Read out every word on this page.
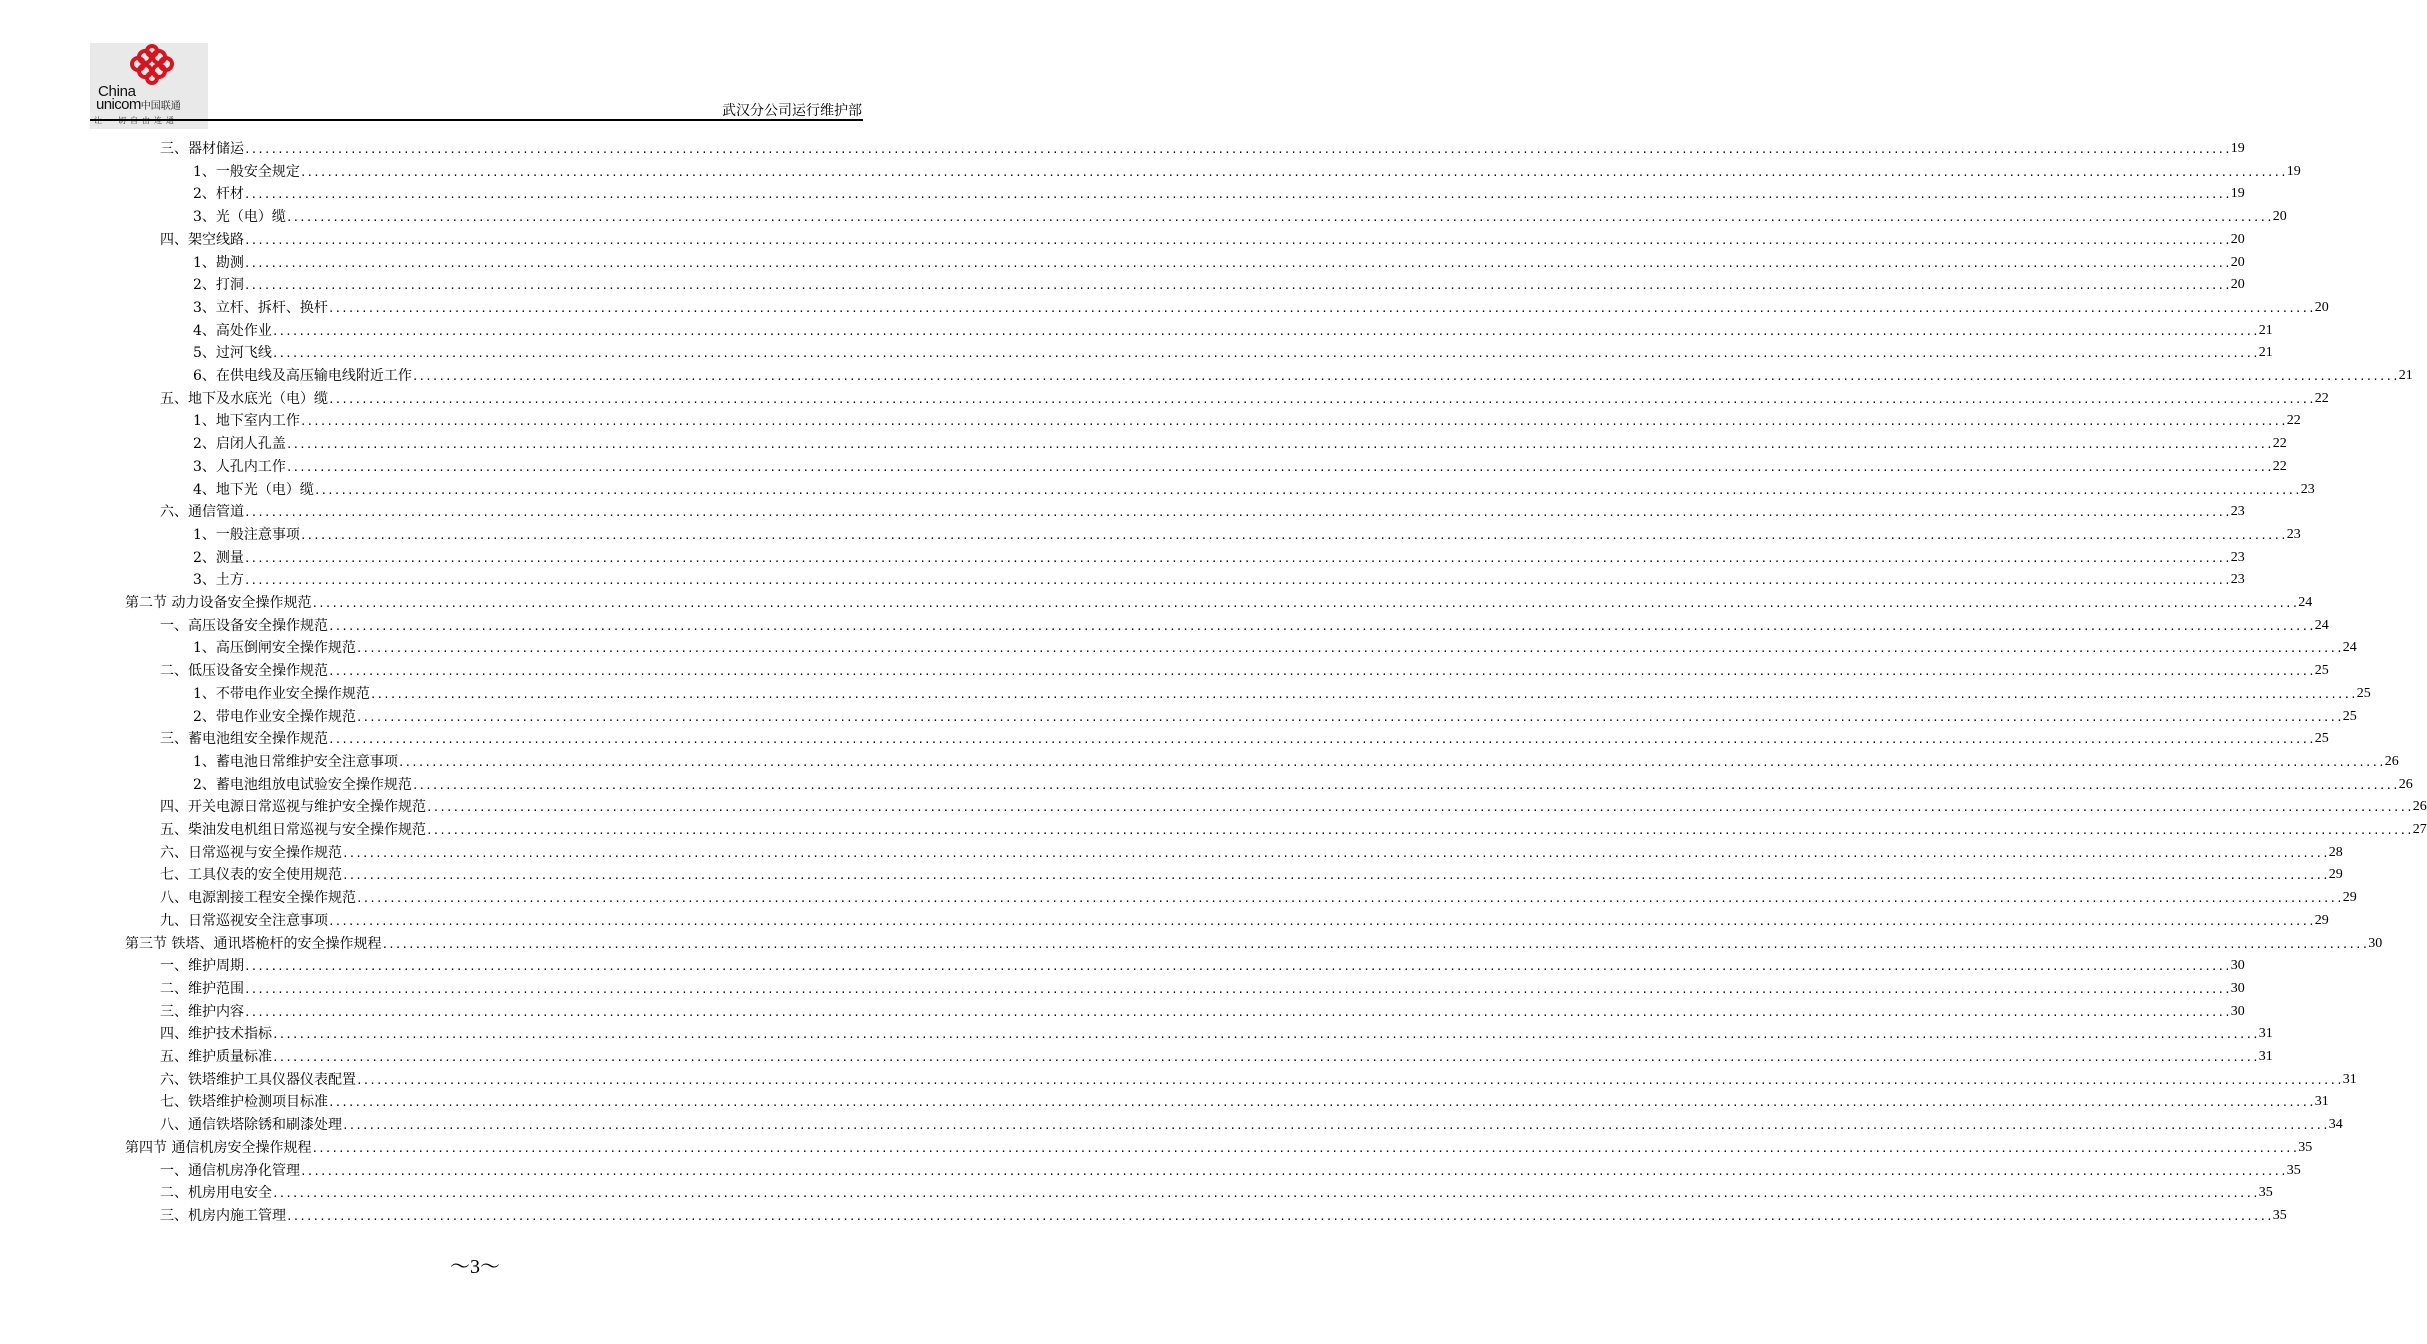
China
unicom中国联通
让一切自由连通
武汉分公司运行维护部
三、 器材储运 ............................................................................................................................................................................................................................................................................................................ 19
1、 一般安全规定 ............................................................................................................................................................................................................................................................................................................ 19
2、 杆材 ............................................................................................................................................................................................................................................................................................................ 19
3、 光（电）缆 ............................................................................................................................................................................................................................................................................................................ 20
四、 架空线路 ............................................................................................................................................................................................................................................................................................................ 20
1、 勘测 ............................................................................................................................................................................................................................................................................................................ 20
2、 打洞 ............................................................................................................................................................................................................................................................................................................ 20
3、 立杆、拆杆、换杆 ............................................................................................................................................................................................................................................................................................................ 20
4、 高处作业 ............................................................................................................................................................................................................................................................................................................ 21
5、 过河飞线 ............................................................................................................................................................................................................................................................................................................ 21
6、 在供电线及高压输电线附近工作 ............................................................................................................................................................................................................................................................................................................ 21
五、 地下及水底光（电）缆 ............................................................................................................................................................................................................................................................................................................ 22
1、 地下室内工作 ............................................................................................................................................................................................................................................................................................................ 22
2、 启闭人孔盖 ............................................................................................................................................................................................................................................................................................................ 22
3、 人孔内工作 ............................................................................................................................................................................................................................................................................................................ 22
4、 地下光（电）缆 ............................................................................................................................................................................................................................................................................................................ 23
六、 通信管道 ............................................................................................................................................................................................................................................................................................................ 23
1、 一般注意事项 ............................................................................................................................................................................................................................................................................................................ 23
2、 测量 ............................................................................................................................................................................................................................................................................................................ 23
3、 土方 ............................................................................................................................................................................................................................................................................................................ 23
第二节 动力设备安全操作规范 ............................................................................................................................................................................................................................................................................................................ 24
一、 高压设备安全操作规范 ............................................................................................................................................................................................................................................................................................................ 24
1、高压倒闸安全操作规范 ............................................................................................................................................................................................................................................................................................................ 24
二、 低压设备安全操作规范 ............................................................................................................................................................................................................................................................................................................ 25
1、不带电作业安全操作规范 ............................................................................................................................................................................................................................................................................................................ 25
2、带电作业安全操作规范 ............................................................................................................................................................................................................................................................................................................ 25
三、 蓄电池组安全操作规范 ............................................................................................................................................................................................................................................................................................................ 25
1、蓄电池日常维护安全注意事项 ............................................................................................................................................................................................................................................................................................................ 26
2、蓄电池组放电试验安全操作规范 ............................................................................................................................................................................................................................................................................................................ 26
四、 开关电源日常巡视与维护安全操作规范 ............................................................................................................................................................................................................................................................................................................ 26
五、 柴油发电机组日常巡视与安全操作规范 ............................................................................................................................................................................................................................................................................................................ 27
六、 日常巡视与安全操作规范 ............................................................................................................................................................................................................................................................................................................ 28
七、 工具仪表的安全使用规范 ............................................................................................................................................................................................................................................................................................................ 29
八、 电源割接工程安全操作规范 ............................................................................................................................................................................................................................................................................................................ 29
九、 日常巡视安全注意事项 ............................................................................................................................................................................................................................................................................................................ 29
第三节 铁塔、通讯塔桅杆的安全操作规程 ............................................................................................................................................................................................................................................................................................................ 30
一、维护周期 ............................................................................................................................................................................................................................................................................................................ 30
二、维护范围 ............................................................................................................................................................................................................................................................................................................ 30
三、维护内容 ............................................................................................................................................................................................................................................................................................................ 30
四、维护技术指标 ............................................................................................................................................................................................................................................................................................................ 31
五、维护质量标准 ............................................................................................................................................................................................................................................................................................................ 31
六、铁塔维护工具仪器仪表配置 ............................................................................................................................................................................................................................................................................................................ 31
七、铁塔维护检测项目标准 ............................................................................................................................................................................................................................................................................................................ 31
八、通信铁塔除锈和刷漆处理 ............................................................................................................................................................................................................................................................................................................ 34
第四节 通信机房安全操作规程 ............................................................................................................................................................................................................................................................................................................ 35
一、 通信机房净化管理 ............................................................................................................................................................................................................................................................................................................ 35
二、 机房用电安全 ............................................................................................................................................................................................................................................................................................................ 35
三、 机房内施工管理 ............................................................................................................................................................................................................................................................................................................ 35
～3～
